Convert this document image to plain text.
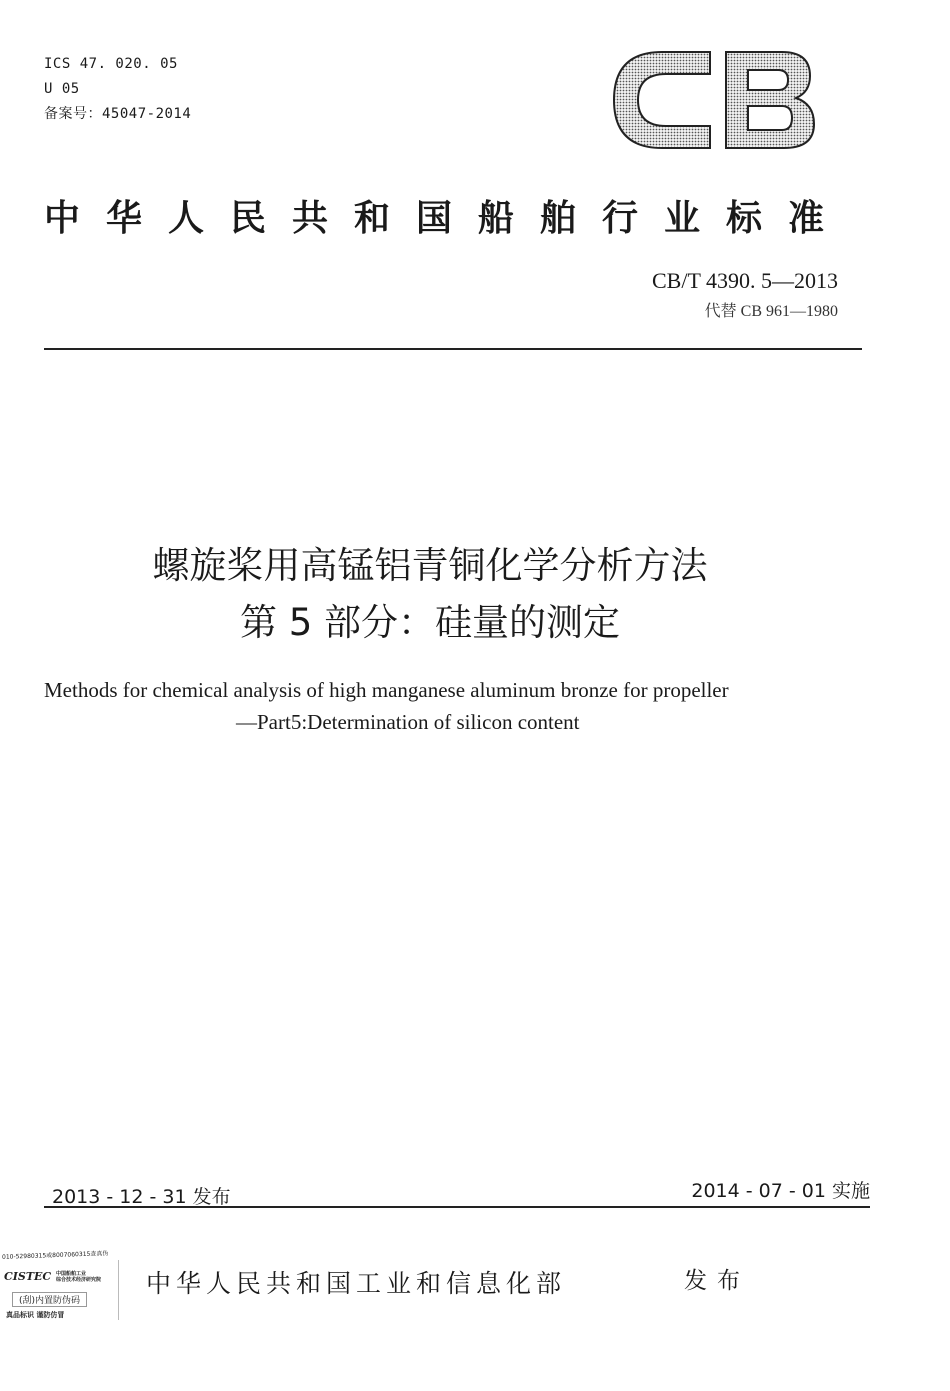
ICS 47. 020. 05
U 05
备案号：45047-2014
中华人民共和国船舶行业标准
CB/T 4390. 5—2013
代替 CB 961—1980
螺旋桨用高锰铝青铜化学分析方法
第 5 部分：硅量的测定
Methods for chemical analysis of high manganese aluminum bronze for propeller
—Part5:Determination of silicon content
2013 - 12 - 31 发布	2014 - 07 - 01 实施
010-52980315或8007060315查真伪
CISTEC 中国船舶工业
综合技术经济研究院
(刮)内置防伪码
真品标识 谨防仿冒
中华人民共和国工业和信息化部	发布
